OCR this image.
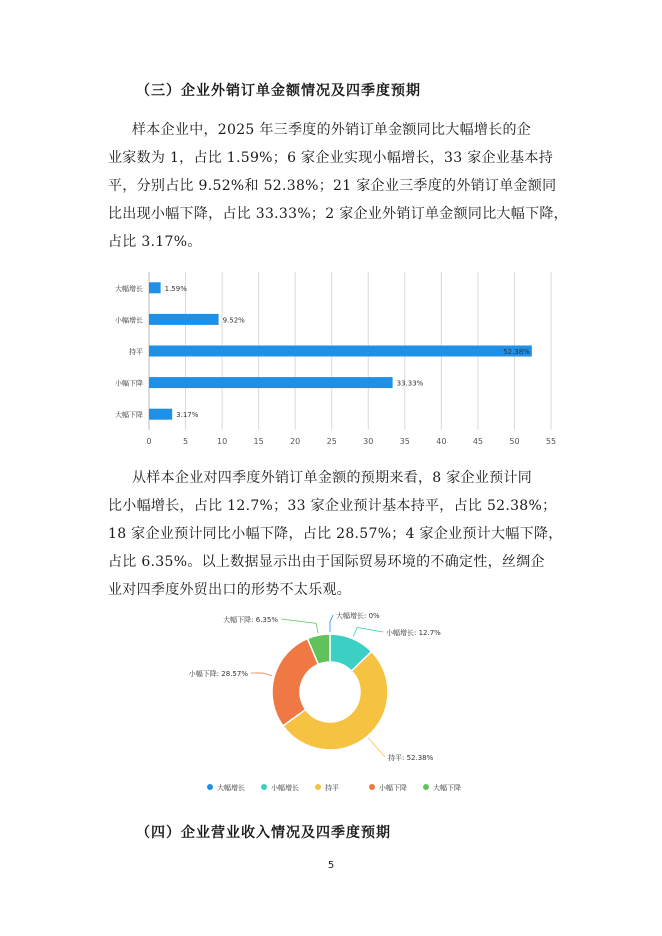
（三）企业外销订单金额情况及四季度预期
样本企业中，2025 年三季度的外销订单金额同比大幅增长的企
业家数为 1，占比 1.59%；6 家企业实现小幅增长，33 家企业基本持
平，分别占比 9.52%和 52.38%；21 家企业三季度的外销订单金额同
比出现小幅下降，占比 33.33%；2 家企业外销订单金额同比大幅下降，
占比 3.17%。
0	5	10	15	20	25	30	35	40	45	50	55
大幅增长	1.59%
小幅增长	9.52%
持平	52.38%
小幅下降	33.33%
大幅下降	3.17%
从样本企业对四季度外销订单金额的预期来看，8 家企业预计同
比小幅增长，占比 12.7%；33 家企业预计基本持平，占比 52.38%；
18 家企业预计同比小幅下降，占比 28.57%；4 家企业预计大幅下降，
占比 6.35%。以上数据显示出由于国际贸易环境的不确定性，丝绸企
业对四季度外贸出口的形势不太乐观。
大幅增长: 0%
小幅增长: 12.7%
持平: 52.38%
小幅下降: 28.57%
大幅下降: 6.35%
大幅增长	小幅增长	持平	小幅下降	大幅下降
（四）企业营业收入情况及四季度预期
5
